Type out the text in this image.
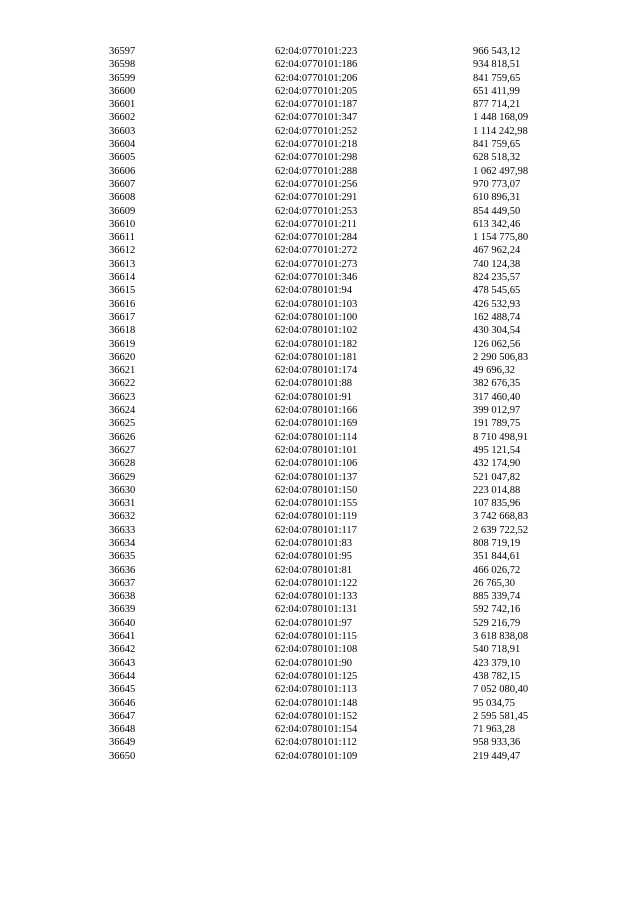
36597	62:04:0770101:223	966 543,12
36598	62:04:0770101:186	934 818,51
36599	62:04:0770101:206	841 759,65
36600	62:04:0770101:205	651 411,99
36601	62:04:0770101:187	877 714,21
36602	62:04:0770101:347	1 448 168,09
36603	62:04:0770101:252	1 114 242,98
36604	62:04:0770101:218	841 759,65
36605	62:04:0770101:298	628 518,32
36606	62:04:0770101:288	1 062 497,98
36607	62:04:0770101:256	970 773,07
36608	62:04:0770101:291	610 896,31
36609	62:04:0770101:253	854 449,50
36610	62:04:0770101:211	613 342,46
36611	62:04:0770101:284	1 154 775,80
36612	62:04:0770101:272	467 962,24
36613	62:04:0770101:273	740 124,38
36614	62:04:0770101:346	824 235,57
36615	62:04:0780101:94	478 545,65
36616	62:04:0780101:103	426 532,93
36617	62:04:0780101:100	162 488,74
36618	62:04:0780101:102	430 304,54
36619	62:04:0780101:182	126 062,56
36620	62:04:0780101:181	2 290 506,83
36621	62:04:0780101:174	49 696,32
36622	62:04:0780101:88	382 676,35
36623	62:04:0780101:91	317 460,40
36624	62:04:0780101:166	399 012,97
36625	62:04:0780101:169	191 789,75
36626	62:04:0780101:114	8 710 498,91
36627	62:04:0780101:101	495 121,54
36628	62:04:0780101:106	432 174,90
36629	62:04:0780101:137	521 047,82
36630	62:04:0780101:150	223 014,88
36631	62:04:0780101:155	107 835,96
36632	62:04:0780101:119	3 742 668,83
36633	62:04:0780101:117	2 639 722,52
36634	62:04:0780101:83	808 719,19
36635	62:04:0780101:95	351 844,61
36636	62:04:0780101:81	466 026,72
36637	62:04:0780101:122	26 765,30
36638	62:04:0780101:133	885 339,74
36639	62:04:0780101:131	592 742,16
36640	62:04:0780101:97	529 216,79
36641	62:04:0780101:115	3 618 838,08
36642	62:04:0780101:108	540 718,91
36643	62:04:0780101:90	423 379,10
36644	62:04:0780101:125	438 782,15
36645	62:04:0780101:113	7 052 080,40
36646	62:04:0780101:148	95 034,75
36647	62:04:0780101:152	2 595 581,45
36648	62:04:0780101:154	71 963,28
36649	62:04:0780101:112	958 933,36
36650	62:04:0780101:109	219 449,47
